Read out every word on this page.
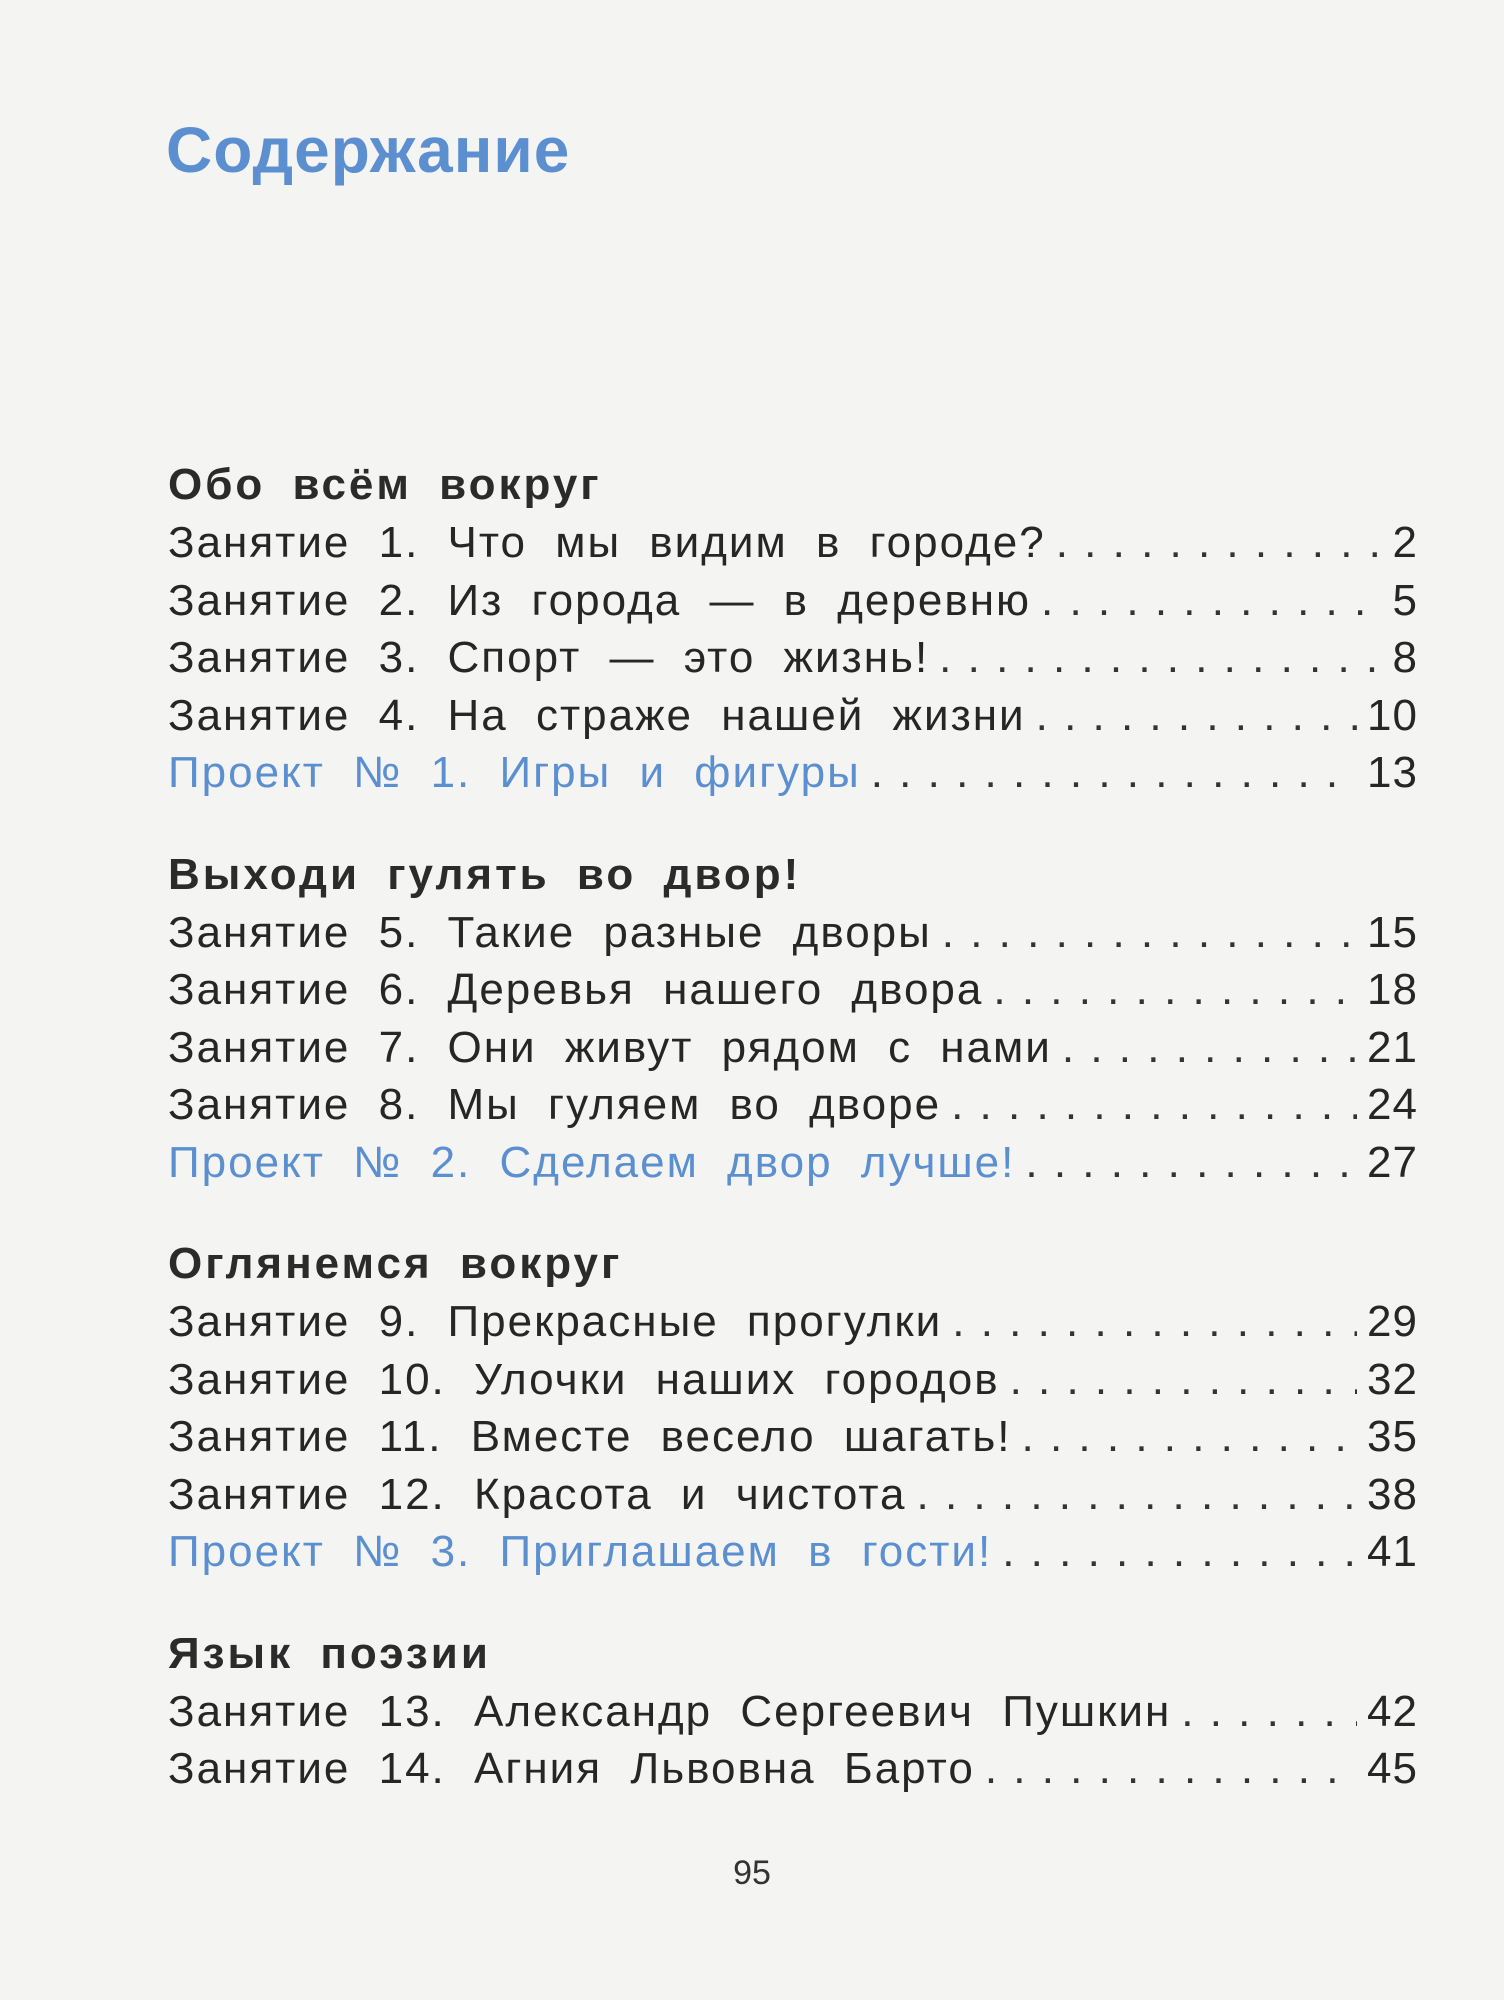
Содержание
Обо всём вокруг
Занятие 1. Что мы видим в городе? . . .	2
Занятие 2. Из города — в деревню . . .	5
Занятие 3. Спорт — это жизнь! . . .	8
Занятие 4. На страже нашей жизни . . .	10
Проект № 1. Игры и фигуры . . .	13
Выходи гулять во двор!
Занятие 5. Такие разные дворы . . .	15
Занятие 6. Деревья нашего двора . . .	18
Занятие 7. Они живут рядом с нами . . .	21
Занятие 8. Мы гуляем во дворе . . .	24
Проект № 2. Сделаем двор лучше! . . .	27
Оглянемся вокруг
Занятие 9. Прекрасные прогулки . . .	29
Занятие 10. Улочки наших городов . . .	32
Занятие 11. Вместе весело шагать! . . .	35
Занятие 12. Красота и чистота . . .	38
Проект № 3. Приглашаем в гости! . . .	41
Язык поэзии
Занятие 13. Александр Сергеевич Пушкин . . .	42
Занятие 14. Агния Львовна Барто . . .	45
95
